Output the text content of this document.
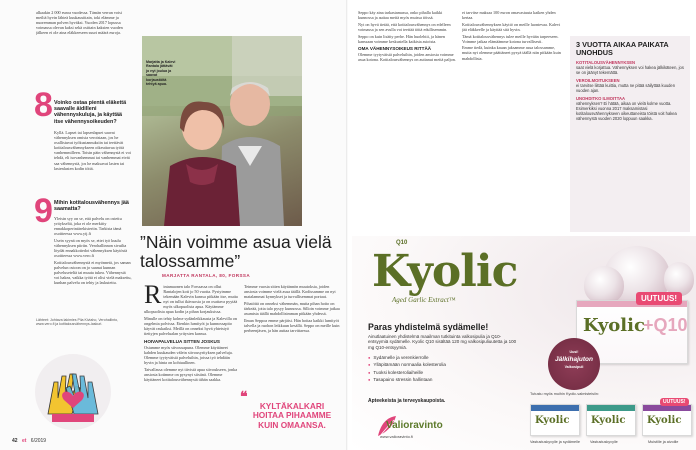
alkaakin 2 000 euroa vuodessa. Tämän verran voisi meiltä hyvin lähteä kuukausittain, toki elämme ja nuoremman polven hyväksi. Vuoden 2017 lopussa voimassa olevan kaksi sekä osittain kaksien vuoden jälkeen ei ole aina eläkkeeseen suuri määrä euroja.

8 Voinko ostaa pientä eläkettä saavalle äidilleni vähennyskuluja, ja käyttää itse vähennysoikeuden?

Kyllä. Lapset tai lapsenlapset saavat vähennyksen omista veroistaan, jos he osallistuvat työkustannuksiin tai teettävät kotitalousvähennykseen oikeuttavaa työtä vanhemmilleen. Toisin päin vähennystä ei voi tehdä, eli isovanhemmat tai vanhemmat eivät saa vähennystä, jos he maksavat lasten tai lastenlasten kodin töitä.

9 Mihin kotitalousvähennys jää saamatta?

Yleisin syy on se, että palvelu on ostettu yritykseltä, joka ei ole merkitty ennakkoperintärekisteriin. Tarkista tämä osoitteessa www.ytj.fi

Usein syynä on myös se, ettei työ kuulu vähennyksen piiriin. Verohallinnon sivuilta löydät ennakkotiedot vähennyksen käytöstä osoitteessa www.vero.fi

Kotitalousvähennystä ei myönnetä, jos saman palvelun ostoon on jo saanut kunnan palveluseteliä tai muuta tukea. Vähennystä voi hakea, vaikka työtä ei olisi vielä maksettu, kunhan palvelu on tehty ja laskutettu.

Lähteet: Johtava lakimies Piia Kiviaho, Verohallinto, www.vero.fi ja kotitalousvähennys-laskuri.
Marjatta ja Kalevi Rantala jättävät jo nyt joulua ja saavat korjaustöitä tehtyä apua.
”Näin voimme asua vielä talossamme”
MARJATTA RANTALA, 80, FORSSA

Rintamaonen talo Forssassa on ollut Rantalojen koti jo 50 vuotta. Pystyimme tekemään Kalevin kanssa pitkään itse, mutta nyt on tullut ikävuosia ja on osattava pyytää myös ulkopuolista apua. Käytämme ulkopuolista apua kodin ja pihan korjauksissa.

Minulle on tehty kolme sydänleikkausta ja Kalevilla on ongelmia polvissa. Etenkin lumityöt ja kunnossapito käyvät raskaiksi. Meillä on onneksi hyvä yhteistyö tiettyjen palvelualan yritysten kanssa.

HOIVAPALVELUA SITTEN JOSKUS

Osiamme myös siivousapuna. Olemme käyttäneet kahden kuukauden välein siivousyrityksen palveluja. Olemme tyytyväisiä palveluihin, joissa työ tehdään hyvin ja hinta on kohtuullinen.

Taivallassa olemme nyt tiivistä apua siivoukseen, jonka ansiosta kotimme on pysynyt siistinä. Olemme käyttäneet kotitalousvähennystä tähän saakka.

Teimme vuosia sitten käytännön muutoksia, joiden ansiosta voimme vielä asua täällä. Kodissamme on nyt matalammat kynnykset ja turvallisemmat portaat.

Pihatöitä on onneksi vähemmän, mutta pihan hoito on tärkeää, jotta talo pysyy kunnossa. Silloin voimme jatkaa asumista täällä mahdollisimman pitkään yhdessä.

Ilman Seppoa emme pärjäisi. Hän hoitaa kaikki lumityöt talvella ja ruohon leikkuun kesällä. Seppo on meille kuin perheenjäsen, ja hän auttaa tarvittaessa.

❝
KYLTÄKALKARI HOITAA PIHAAMME KUIN OMAANSA.
42 et 6/2019

Seppo käy aina tarkastamassa, onko pihalla kaikki kunnossa ja auttaa meitä myös muissa töissä.

Nyt on hyvä tietää, että kotitalousvähennys on edelleen voimassa ja sen avulla voi teettää töitä edullisemmin.

Seppo on kuin lisätty perhe. Hän huolehtii, ja hänen kanssaan voimme keskustella kaikista asioista.

OMA VÄHENNYSOIKEUS RITTÄÄ

Olemme tyytyväisiä palveluihin, joiden ansiosta voimme asua kotona. Kotitalousvähennys on auttanut meitä paljon.

ei tarvitse maksaa 100 euron omavastuuta kaiken yhden kertaa.

Kotitalousvähennyksen käyttö on meille luontevaa. Kalevi jää eläkkeelle ja käyttää sitä hyvin.

Tämä kotitalousvähennys tulee meille hyvään tarpeeseen. Voimme jatkaa elämäämme kotona turvallisesti.

Emme tiedä, kuinka kauan jaksamme asua talossamme, mutta nyt olemme päättäneet pysyä täällä niin pitkään kuin mahdollista.

3 VUOTTA AIKAA PAIKATA UNOHDUS
KOTITALOUSVÄHENNYKSEN
saat vielä korjattua. Vähennyksen voi hakea jälkikäteen, jos se on jäänyt tekemättä.
VEROILMOITUKSEEN
ei tarvitse liittää kuittia, mutta ne pitää säilyttää kuuden vuoden ajan.
UNOHDITKO ILMOITTAA
vähennyksen? Ei hätää, aikaa on vielä kolme vuotta. Esimerkiksi vuonna 2017 maksamistasi kotitalousvähennykseen oikeuttaneista töistä voit hakea vähennystä vuoden 2020 loppuun saakka.
Q10
Kyolic
Aged Garlic Extract™
Paras yhdistelmä sydämelle!
Ainutlaatuinen yhdistelmä maailman tutkituinta valkosipulia ja Q10-entsyymiä sydämelle. Kyolic Q10 sisältää 120 mg valkosipuliuutetta ja 100 mg Q10-entsyymiä.
● Sydämelle ja verenkierrolle
● Ylläpitämään normaalia kolesterolia
● Tuoksi kolesteroliaiheille
● Tasapaino stressin hallintaan
Apteekeista ja terveyskaupoista.
Valioravinto
www.valioravinto.fi
Kyolic
+Q10
UUTUUS!
Uusi!
Jälkihajuton
Valkosipuli
Tutustu myös muihin Kyolic-valmisteisiin:
Kyolic Kyolic Kyolic
UUTUUS!
Vastustuskyvylle ja sydämelle	Vastustuskyvylle	Muistille ja aivoille
